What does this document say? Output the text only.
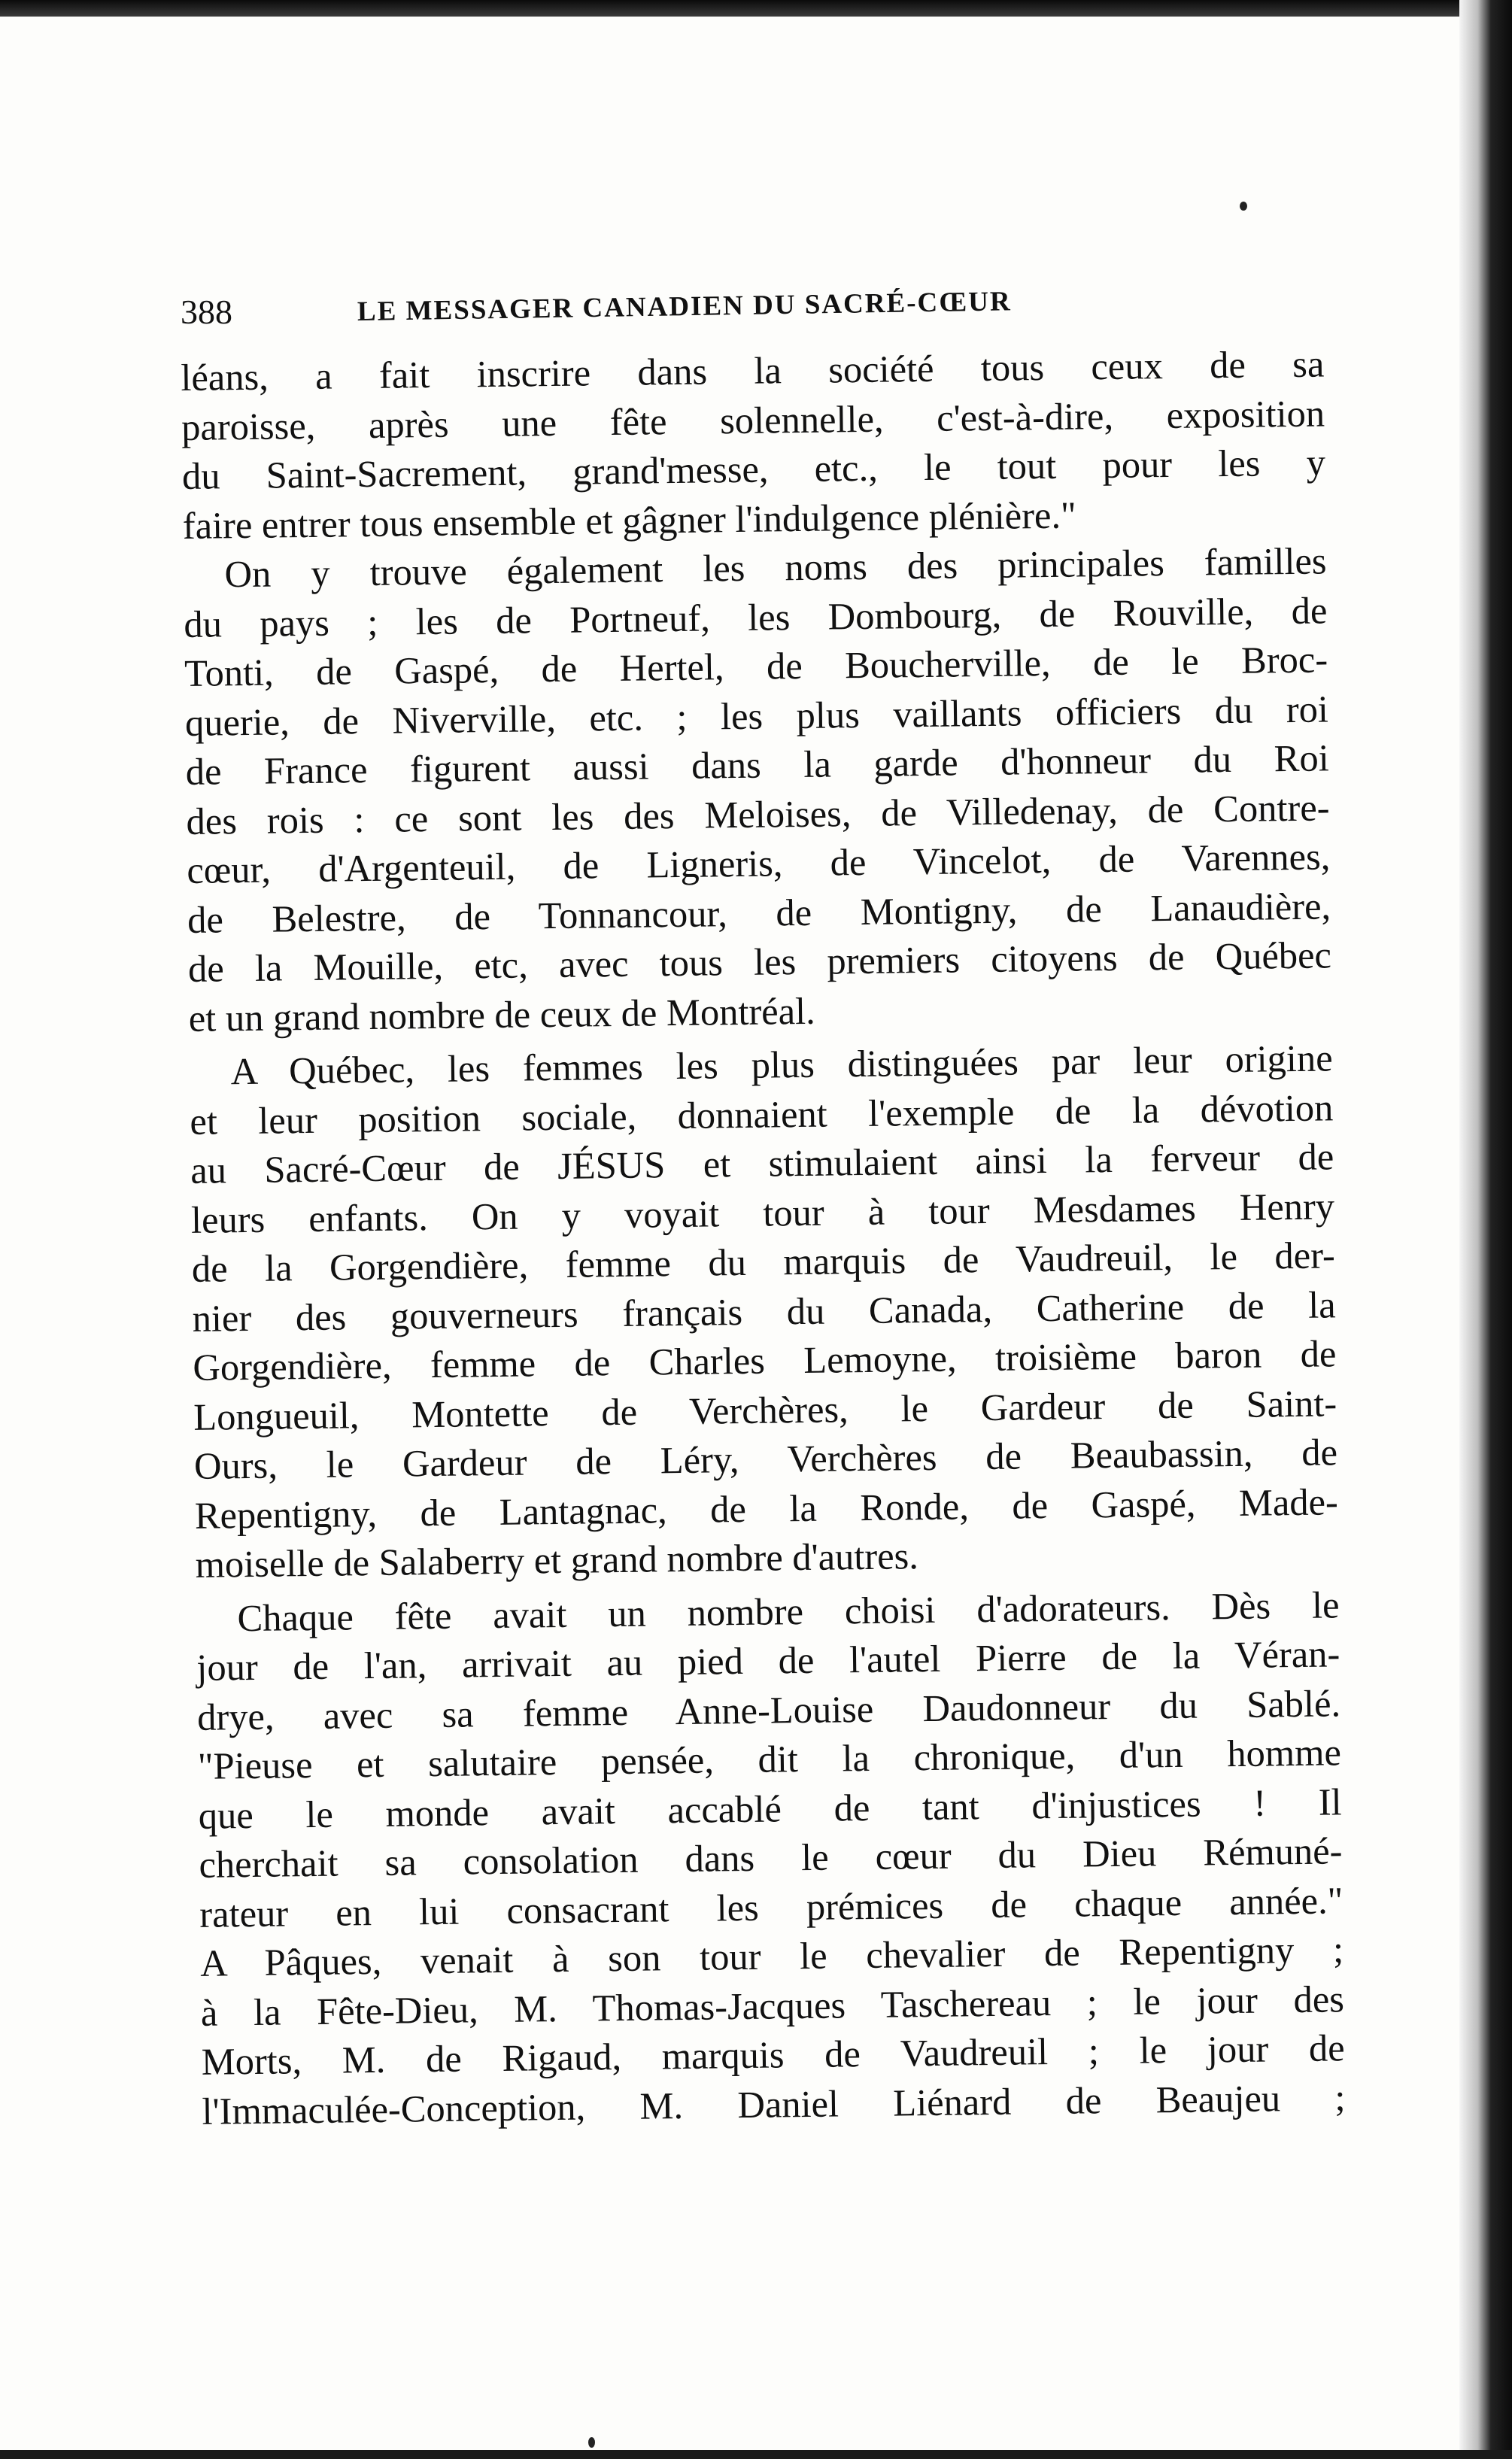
388	LE MESSAGER CANADIEN DU SACRÉ-CŒUR
léans, a fait inscrire dans la société tous ceux de sa
paroisse, après une fête solennelle, c'est-à-dire, exposition
du Saint-Sacrement, grand'messe, etc., le tout pour les y
faire entrer tous ensemble et gâgner l'indulgence plénière."
On y trouve également les noms des principales familles
du pays ; les de Portneuf, les Dombourg, de Rouville, de
Tonti, de Gaspé, de Hertel, de Boucherville, de le Broc-
querie, de Niverville, etc. ; les plus vaillants officiers du roi
de France figurent aussi dans la garde d'honneur du Roi
des rois : ce sont les des Meloises, de Villedenay, de Contre-
cœur, d'Argenteuil, de Ligneris, de Vincelot, de Varennes,
de Belestre, de Tonnancour, de Montigny, de Lanaudière,
de la Mouille, etc, avec tous les premiers citoyens de Québec
et un grand nombre de ceux de Montréal.
A Québec, les femmes les plus distinguées par leur origine
et leur position sociale, donnaient l'exemple de la dévotion
au Sacré-Cœur de JÉSUS et stimulaient ainsi la ferveur de
leurs enfants. On y voyait tour à tour Mesdames Henry
de la Gorgendière, femme du marquis de Vaudreuil, le der-
nier des gouverneurs français du Canada, Catherine de la
Gorgendière, femme de Charles Lemoyne, troisième baron de
Longueuil, Montette de Verchères, le Gardeur de Saint-
Ours, le Gardeur de Léry, Verchères de Beaubassin, de
Repentigny, de Lantagnac, de la Ronde, de Gaspé, Made-
moiselle de Salaberry et grand nombre d'autres.
Chaque fête avait un nombre choisi d'adorateurs. Dès le
jour de l'an, arrivait au pied de l'autel Pierre de la Véran-
drye, avec sa femme Anne-Louise Daudonneur du Sablé.
"Pieuse et salutaire pensée, dit la chronique, d'un homme
que le monde avait accablé de tant d'injustices ! Il
cherchait sa consolation dans le cœur du Dieu Rémuné-
rateur en lui consacrant les prémices de chaque année."
A Pâques, venait à son tour le chevalier de Repentigny ;
à la Fête-Dieu, M. Thomas-Jacques Taschereau ; le jour des
Morts, M. de Rigaud, marquis de Vaudreuil ; le jour de
l'Immaculée-Conception, M. Daniel Liénard de Beaujeu ;
